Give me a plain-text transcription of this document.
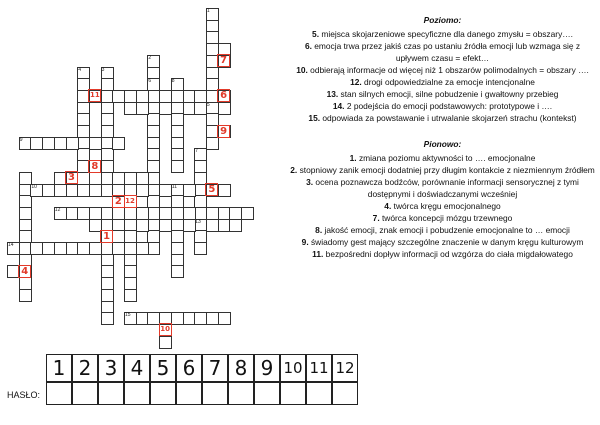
1
2
3
4
5
6
7
8
9
10	11
12
13
14
15
1
2
3
4
5
6
7
8
9
10
11
12

Poziomo:

5. miejsca skojarzeniowe specyficzne dla danego zmysłu = obszary….

6. emocja trwa przez jakiś czas po ustaniu źródła emocji lub wzmaga się z upływem czasu = efekt…

10. odbierają informacje od więcej niż 1 obszarów polimodalnych = obszary ….

12. drogi odpowiedzialne za emocje intencjonalne

13. stan silnych emocji, silne pobudzenie i gwałtowny przebieg

14. 2 podejścia do emocji podstawowych: prototypowe i ….

15. odpowiada za powstawanie i utrwalanie skojarzeń strachu (kontekst)

Pionowo:

1. zmiana poziomu aktywności to …. emocjonalne

2. stopniowy zanik emocji dodatniej przy długim kontakcie z niezmiennym źródłem

3. ocena poznawcza bodźców, porównanie informacji sensorycznej z tymi dostępnymi i doświadczanymi wcześniej

4. twórca kręgu emocjonalnego

7. twórca koncepcji mózgu trzewnego

8. jakość emocji, znak emocji i pobudzenie emocjonalne to … emocji

9. świadomy gest mający szczególne znaczenie w danym kręgu kulturowym

11. bezpośredni dopływ informacji od wzgórza do ciała migdałowatego

HASŁO:
1 2 3 4 5 6 7 8 9 10 11 12
